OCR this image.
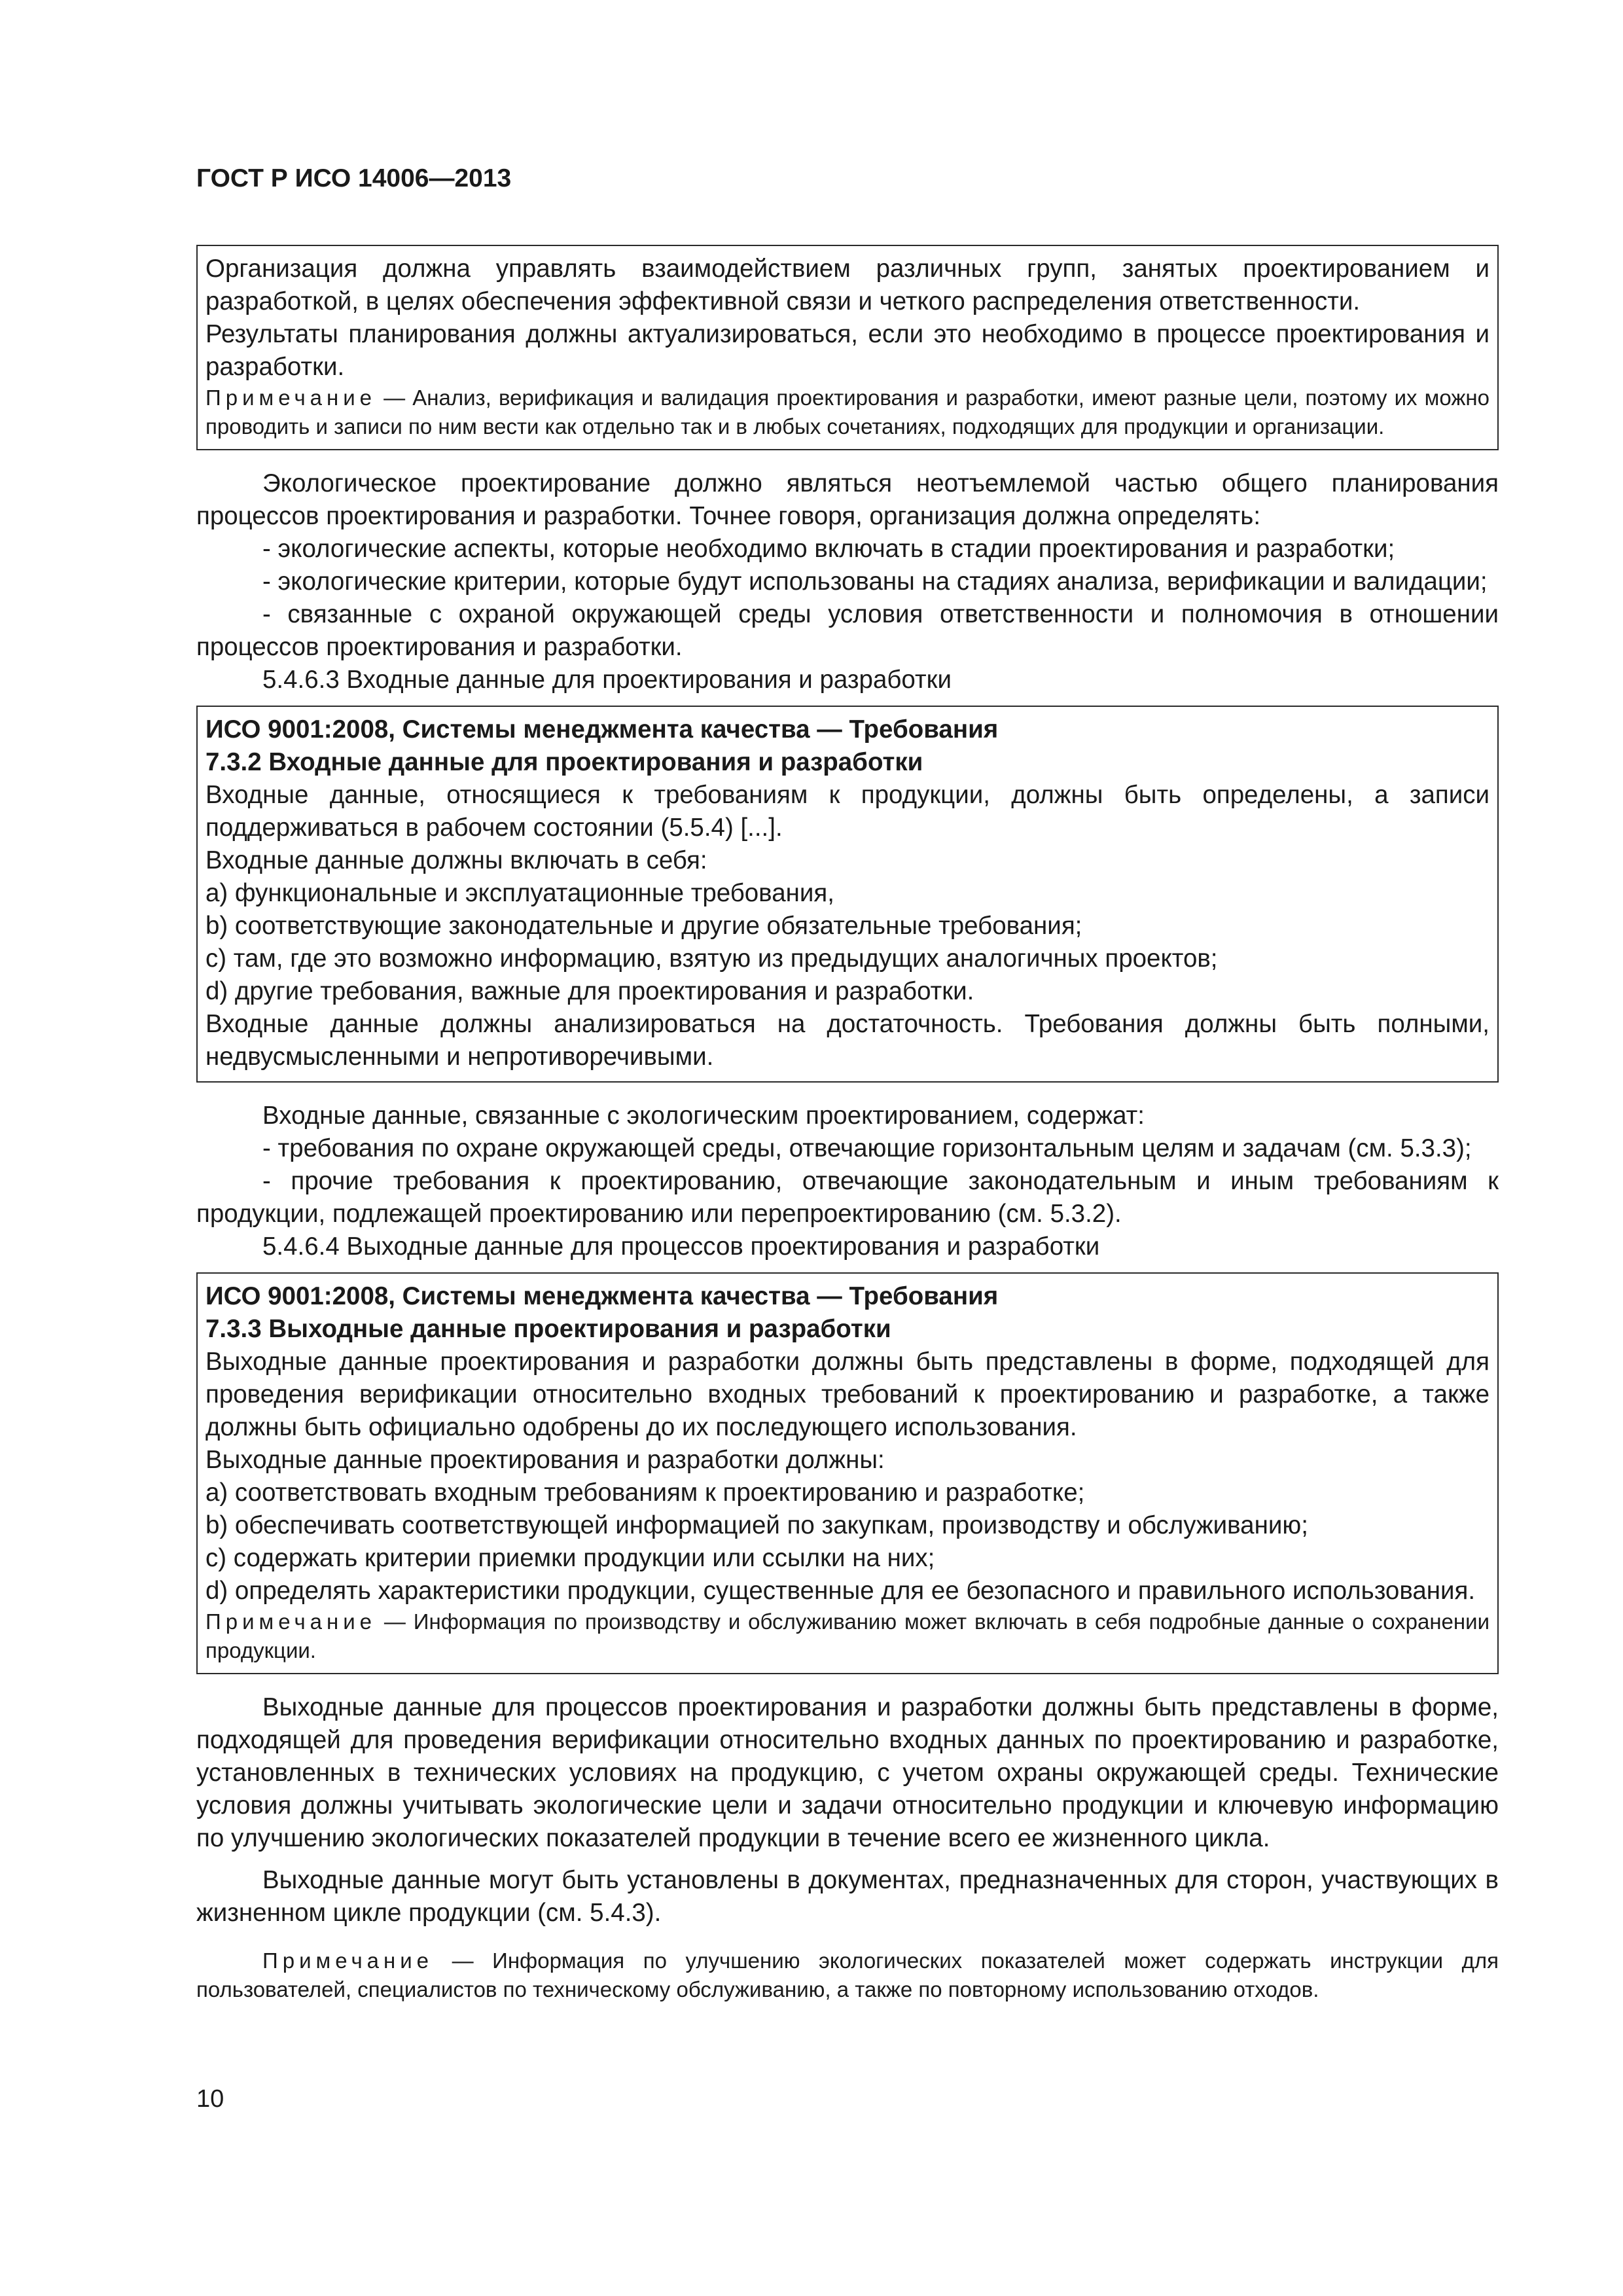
ГОСТ Р ИСО 14006—2013

Организация должна управлять взаимодействием различных групп, занятых проектированием и разработкой, в целях обеспечения эффективной связи и четкого распределения ответственности.

Результаты планирования должны актуализироваться, если это необходимо в процессе проектирования и разработки.

Примечание — Анализ, верификация и валидация проектирования и разработки, имеют разные цели, поэтому их можно проводить и записи по ним вести как отдельно так и в любых сочетаниях, подходящих для продукции и организации.

Экологическое проектирование должно являться неотъемлемой частью общего планирования процессов проектирования и разработки. Точнее говоря, организация должна определять:

- экологические аспекты, которые необходимо включать в стадии проектирования и разработки;

- экологические критерии, которые будут использованы на стадиях анализа, верификации и валидации;

- связанные с охраной окружающей среды условия ответственности и полномочия в отношении процессов проектирования и разработки.

5.4.6.3 Входные данные для проектирования и разработки

ИСО 9001:2008, Системы менеджмента качества — Требования

7.3.2 Входные данные для проектирования и разработки

Входные данные, относящиеся к требованиям к продукции, должны быть определены, а записи поддерживаться в рабочем состоянии (5.5.4) [...].

Входные данные должны включать в себя:

a) функциональные и эксплуатационные требования,

b) соответствующие законодательные и другие обязательные требования;

c) там, где это возможно информацию, взятую из предыдущих аналогичных проектов;

d) другие требования, важные для проектирования и разработки.

Входные данные должны анализироваться на достаточность. Требования должны быть полными, недвусмысленными и непротиворечивыми.

Входные данные, связанные с экологическим проектированием, содержат:

- требования по охране окружающей среды, отвечающие горизонтальным целям и задачам (см. 5.3.3);

- прочие требования к проектированию, отвечающие законодательным и иным требованиям к продукции, подлежащей проектированию или перепроектированию (см. 5.3.2).

5.4.6.4 Выходные данные для процессов проектирования и разработки

ИСО 9001:2008, Системы менеджмента качества — Требования

7.3.3 Выходные данные проектирования и разработки

Выходные данные проектирования и разработки должны быть представлены в форме, подходящей для проведения верификации относительно входных требований к проектированию и разработке, а также должны быть официально одобрены до их последующего использования.

Выходные данные проектирования и разработки должны:

a) соответствовать входным требованиям к проектированию и разработке;

b) обеспечивать соответствующей информацией по закупкам, производству и обслуживанию;

c) содержать критерии приемки продукции или ссылки на них;

d) определять характеристики продукции, существенные для ее безопасного и правильного использования.

Примечание — Информация по производству и обслуживанию может включать в себя подробные данные о сохранении продукции.

Выходные данные для процессов проектирования и разработки должны быть представлены в форме, подходящей для проведения верификации относительно входных данных по проектированию и разработке, установленных в технических условиях на продукцию, с учетом охраны окружающей среды. Технические условия должны учитывать экологические цели и задачи относительно продукции и ключевую информацию по улучшению экологических показателей продукции в течение всего ее жизненного цикла.

Выходные данные могут быть установлены в документах, предназначенных для сторон, участвующих в жизненном цикле продукции (см. 5.4.3).

Примечание — Информация по улучшению экологических показателей может содержать инструкции для пользователей, специалистов по техническому обслуживанию, а также по повторному использованию отходов.

10
